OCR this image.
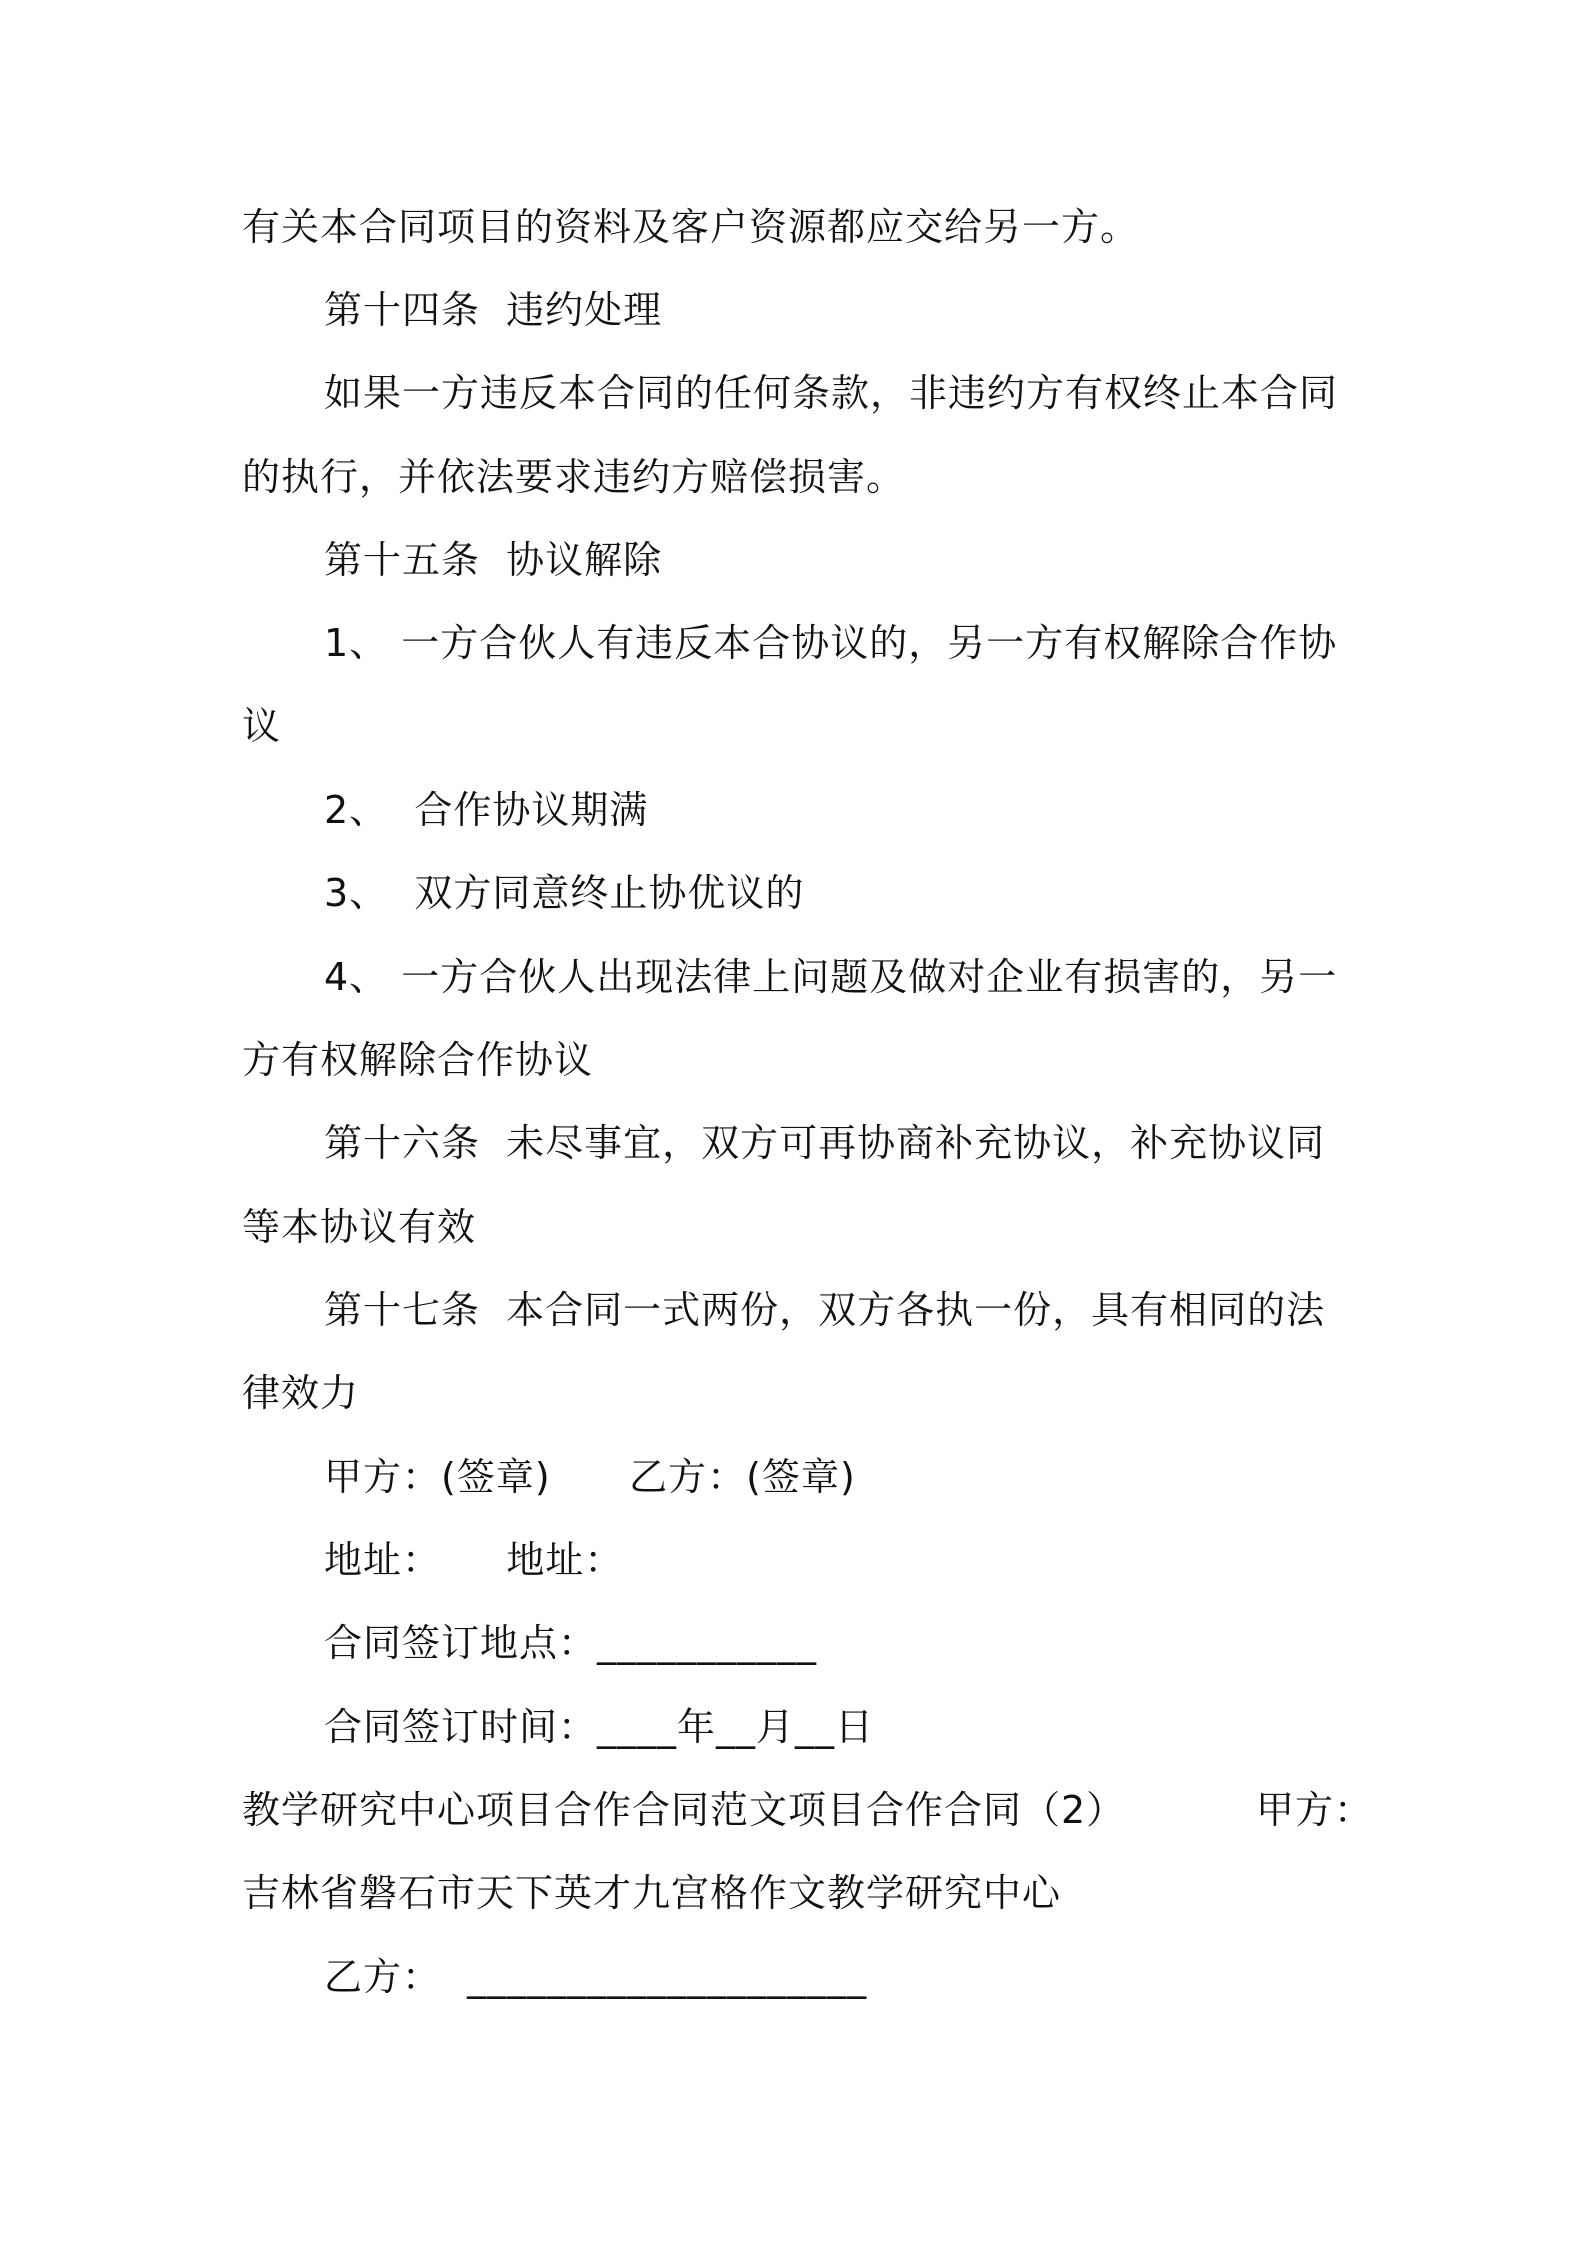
有关本合同项目的资料及客户资源都应交给另一方。
第十四条  违约处理
如果一方违反本合同的任何条款，非违约方有权终止本合同
的执行，并依法要求违约方赔偿损害。
第十五条  协议解除
1、 一方合伙人有违反本合协议的，另一方有权解除合作协
议
2、  合作协议期满
3、  双方同意终止协优议的
4、 一方合伙人出现法律上问题及做对企业有损害的，另一
方有权解除合作协议
第十六条  未尽事宜，双方可再协商补充协议，补充协议同
等本协议有效
第十七条  本合同一式两份，双方各执一份，具有相同的法
律效力
甲方：(签章)      乙方：(签章)
地址：     地址：
合同签订地点：___________
合同签订时间：____年__月__日
教学研究中心项目合作合同范文项目合作合同（2）          甲方：
吉林省磐石市天下英才九宫格作文教学研究中心
乙方：  ____________________
